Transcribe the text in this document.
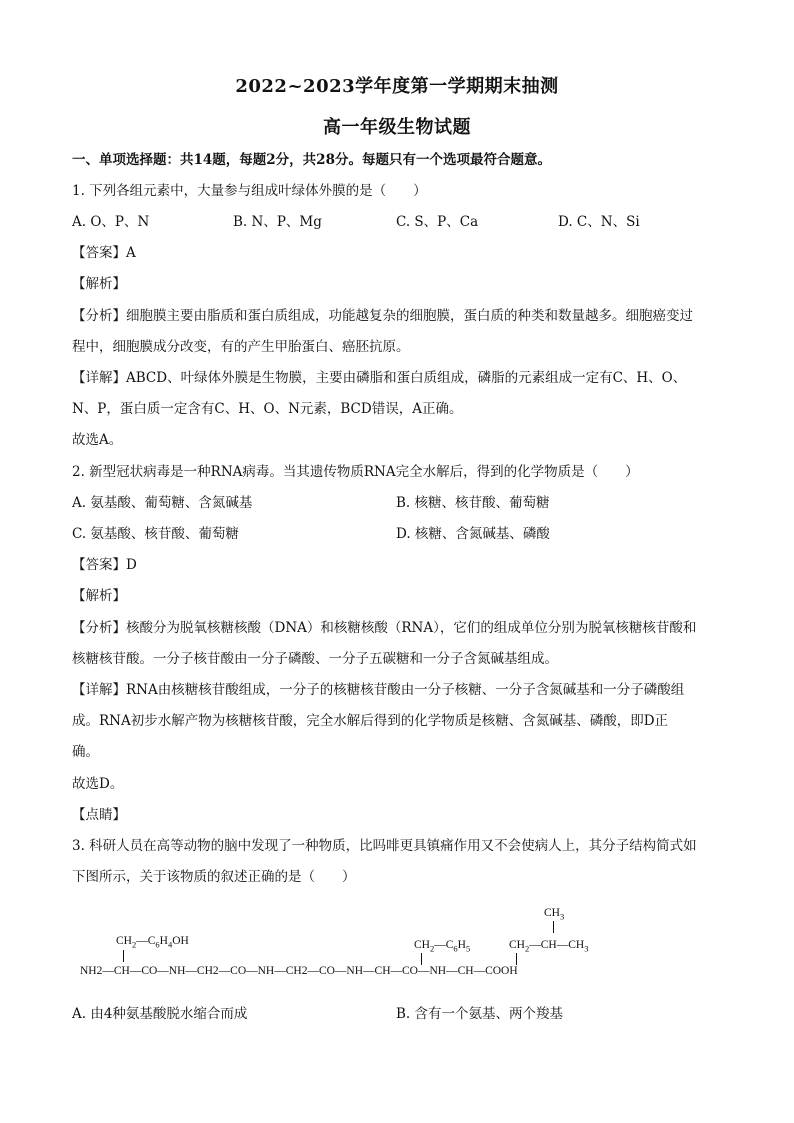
2022~2023学年度第一学期期末抽测
高一年级生物试题
一、单项选择题：共14题，每题2分，共28分。每题只有一个选项最符合题意。
1. 下列各组元素中，大量参与组成叶绿体外膜的是（　　）
A. O、P、N	B. N、P、Mg	C. S、P、Ca	D. C、N、Si
【答案】A
【解析】
【分析】细胞膜主要由脂质和蛋白质组成，功能越复杂的细胞膜，蛋白质的种类和数量越多。细胞癌变过
程中，细胞膜成分改变，有的产生甲胎蛋白、癌胚抗原。
【详解】ABCD、叶绿体外膜是生物膜，主要由磷脂和蛋白质组成，磷脂的元素组成一定有C、H、O、
N、P，蛋白质一定含有C、H、O、N元素，BCD错误，A正确。
故选A。
2. 新型冠状病毒是一种RNA病毒。当其遗传物质RNA完全水解后，得到的化学物质是（　　）
A. 氨基酸、葡萄糖、含氮碱基	B. 核糖、核苷酸、葡萄糖
C. 氨基酸、核苷酸、葡萄糖	D. 核糖、含氮碱基、磷酸
【答案】D
【解析】
【分析】核酸分为脱氧核糖核酸（DNA）和核糖核酸（RNA），它们的组成单位分别为脱氧核糖核苷酸和
核糖核苷酸。一分子核苷酸由一分子磷酸、一分子五碳糖和一分子含氮碱基组成。
【详解】RNA由核糖核苷酸组成，一分子的核糖核苷酸由一分子核糖、一分子含氮碱基和一分子磷酸组
成。RNA初步水解产物为核糖核苷酸，完全水解后得到的化学物质是核糖、含氮碱基、磷酸，即D正
确。
故选D。
【点睛】
3. 科研人员在高等动物的脑中发现了一种物质，比吗啡更具镇痛作用又不会使病人上，其分子结构简式如
下图所示，关于该物质的叙述正确的是（　　）
$CH_3$
$CH_2—C_6H_4OH$	$CH_2—C_6H_5$	$CH_2—CH—CH_3$
NH2—CH—CO—NH—CH2—CO—NH—CH2—CO—NH—CH—CO—NH—CH—COOH
A. 由4种氨基酸脱水缩合而成	B. 含有一个氨基、两个羧基
